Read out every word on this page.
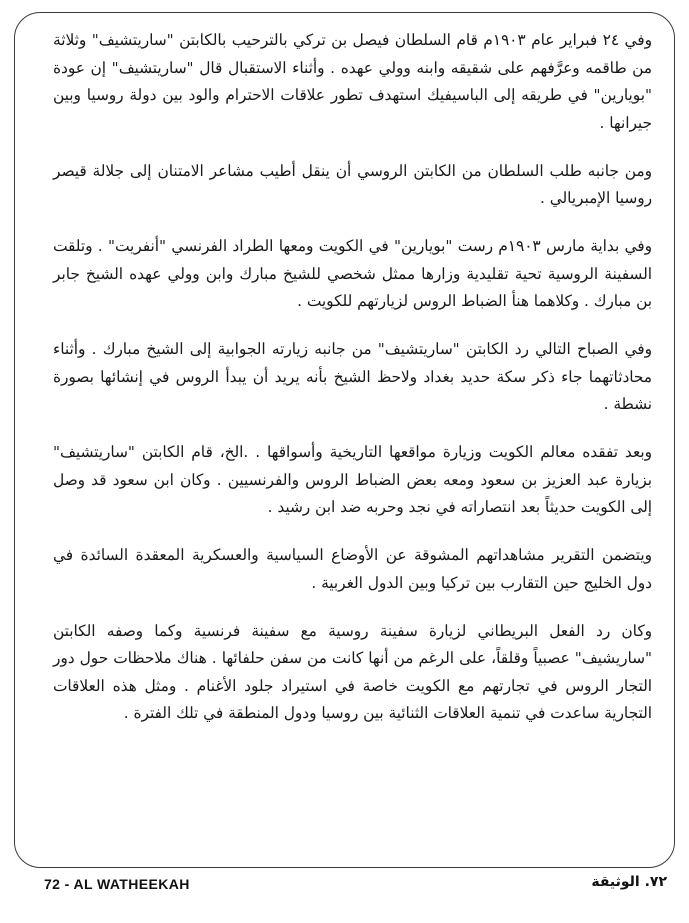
وفي ٢٤ فبراير عام ١٩٠٣م قام السلطان فيصل بن تركي بالترحيب بالكابتن "ساريتشيف" وثلاثة من طاقمه وعرَّفهم على شقيقه وابنه وولي عهده . وأثناء الاستقبال قال "ساريتشيف" إن عودة "بويارين" في طريقه إلى الباسيفيك استهدف تطور علاقات الاحترام والود بين دولة روسيا وبين جيرانها .

ومن جانبه طلب السلطان من الكابتن الروسي أن ينقل أطيب مشاعر الامتنان إلى جلالة قيصر روسيا الإمبريالي .

وفي بداية مارس ١٩٠٣م رست "بويارين" في الكويت ومعها الطراد الفرنسي "أنفريت" . وتلقت السفينة الروسية تحية تقليدية وزارها ممثل شخصي للشيخ مبارك وابن وولي عهده الشيخ جابر بن مبارك . وكلاهما هنأ الضباط الروس لزيارتهم للكويت .

وفي الصباح التالي رد الكابتن "ساريتشيف" من جانبه زيارته الجوابية إلى الشيخ مبارك . وأثناء محادثاتهما جاء ذكر سكة حديد بغداد ولاحظ الشيخ بأنه يريد أن يبدأ الروس في إنشائها بصورة نشطة .

وبعد تفقده معالم الكويت وزيارة مواقعها التاريخية وأسواقها . .الخ، قام الكابتن "ساريتشيف" بزيارة عبد العزيز بن سعود ومعه بعض الضباط الروس والفرنسيين . وكان ابن سعود قد وصل إلى الكويت حديثاً بعد انتصاراته في نجد وحربه ضد ابن رشيد .

ويتضمن التقرير مشاهداتهم المشوقة عن الأوضاع السياسية والعسكرية المعقدة السائدة في دول الخليج حين التقارب بين تركيا وبين الدول الغربية .

وكان رد الفعل البريطاني لزيارة سفينة روسية مع سفينة فرنسية وكما وصفه الكابتن "ساريشيف" عصبياً وقلقاً، على الرغم من أنها كانت من سفن حلفائها . هناك ملاحظات حول دور التجار الروس في تجارتهم مع الكويت خاصة في استيراد جلود الأغنام . ومثل هذه العلاقات التجارية ساعدت في تنمية العلاقات الثنائية بين روسيا ودول المنطقة في تلك الفترة .

72 - AL WATHEEKAH	٧٢. الوثيقة
